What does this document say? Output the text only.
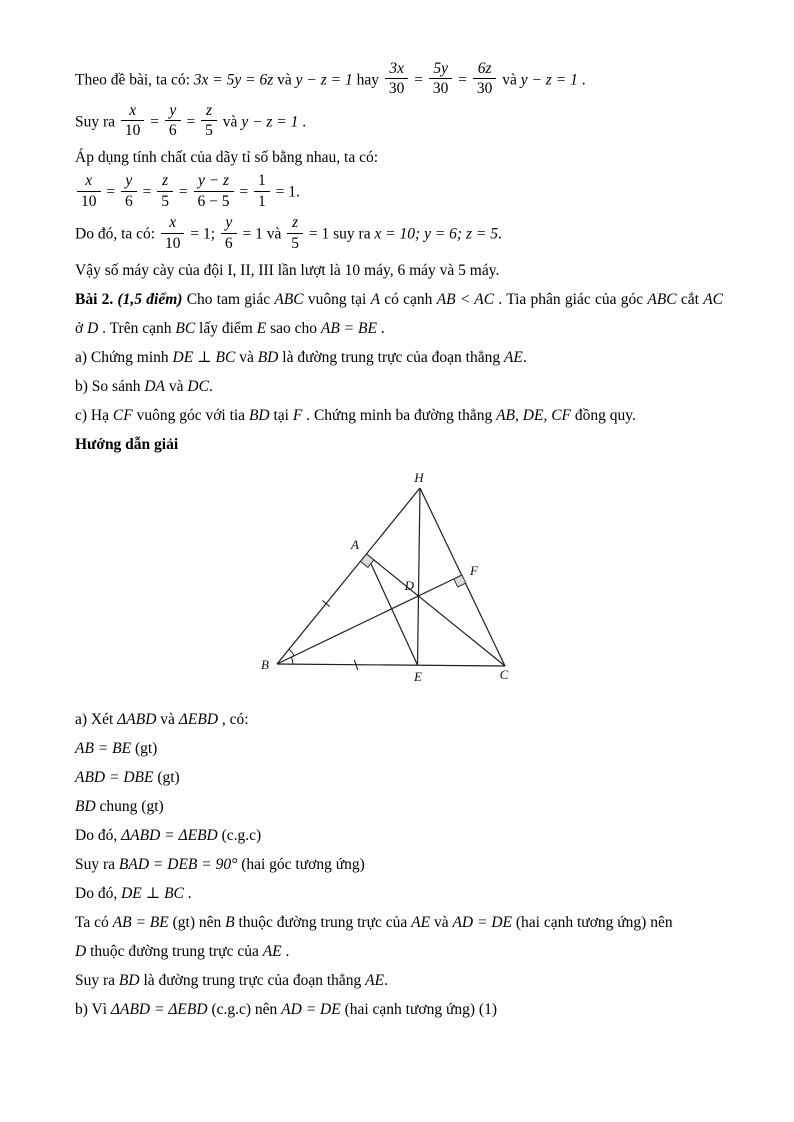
Theo đề bài, ta có: 3x = 5y = 6z và y − z = 1 hay $\frac{3x}{30} = \frac{5y}{30} = \frac{6z}{30}$ và y − z = 1 .

Suy ra $\frac{x}{10} = \frac{y}{6} = \frac{z}{5}$ và y − z = 1 .

Áp dụng tính chất của dãy tỉ số bằng nhau, ta có:

$\frac{x}{10} = \frac{y}{6} = \frac{z}{5} = \frac{y - z}{6 - 5} = \frac{1}{1} = 1$.

Do đó, ta có: $\frac{x}{10} = 1$; $\frac{y}{6} = 1$ và $\frac{z}{5} = 1$ suy ra x = 10; y = 6; z = 5.

Vậy số máy cày của đội I, II, III lần lượt là 10 máy, 6 máy và 5 máy.

Bài 2. (1,5 điểm) Cho tam giác ABC vuông tại A có cạnh AB < AC . Tia phân giác của góc ABC cắt AC ở D . Trên cạnh BC lấy điểm E sao cho AB = BE .

a) Chứng minh DE ⊥ BC và BD là đường trung trực của đoạn thẳng AE.

b) So sánh DA và DC.

c) Hạ CF vuông góc với tia BD tại F . Chứng minh ba đường thẳng AB, DE, CF đồng quy.

Hướng dẫn giải

H
A
B
C
D
E
F

a) Xét ΔABD và ΔEBD , có:

AB = BE (gt)

ABD = DBE (gt)

BD chung (gt)

Do đó, ΔABD = ΔEBD (c.g.c)

Suy ra BAD = DEB = 90° (hai góc tương ứng)

Do đó, DE ⊥ BC .

Ta có AB = BE (gt) nên B thuộc đường trung trực của AE và AD = DE (hai cạnh tương ứng) nên

D thuộc đường trung trực của AE .

Suy ra BD là đường trung trực của đoạn thẳng AE.

b) Vì ΔABD = ΔEBD (c.g.c) nên AD = DE (hai cạnh tương ứng) (1)
